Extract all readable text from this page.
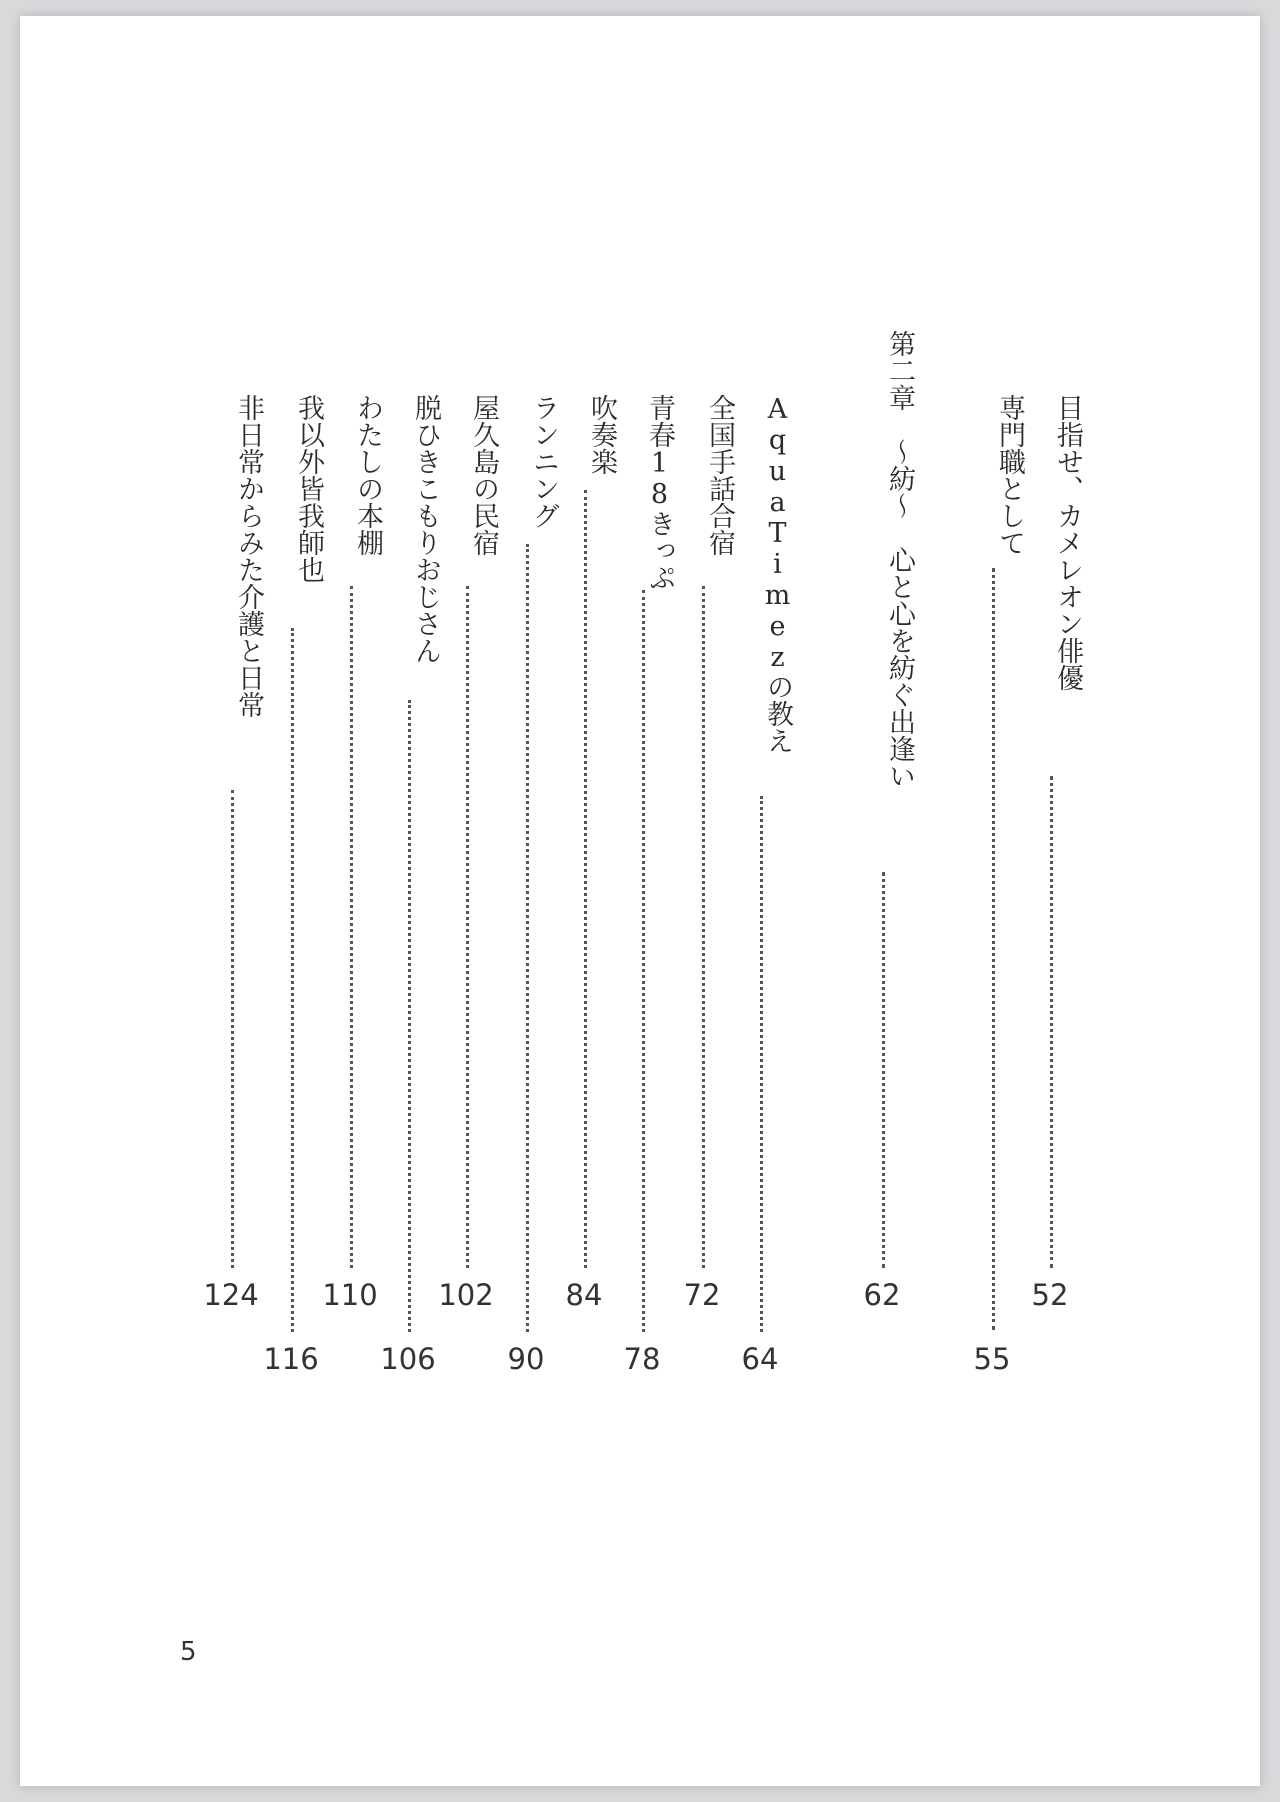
目指せ、カメレオン俳優
52
専門職として
55
第二章　～紡～　心と心を紡ぐ出逢い
62
AquaTimezの教え
64
全国手話合宿
72
青春18きっぷ
78
吹奏楽
84
ランニング
90
屋久島の民宿
102
脱ひきこもりおじさん
106
わたしの本棚
110
我以外皆我師也
116
非日常からみた介護と日常
124
5
